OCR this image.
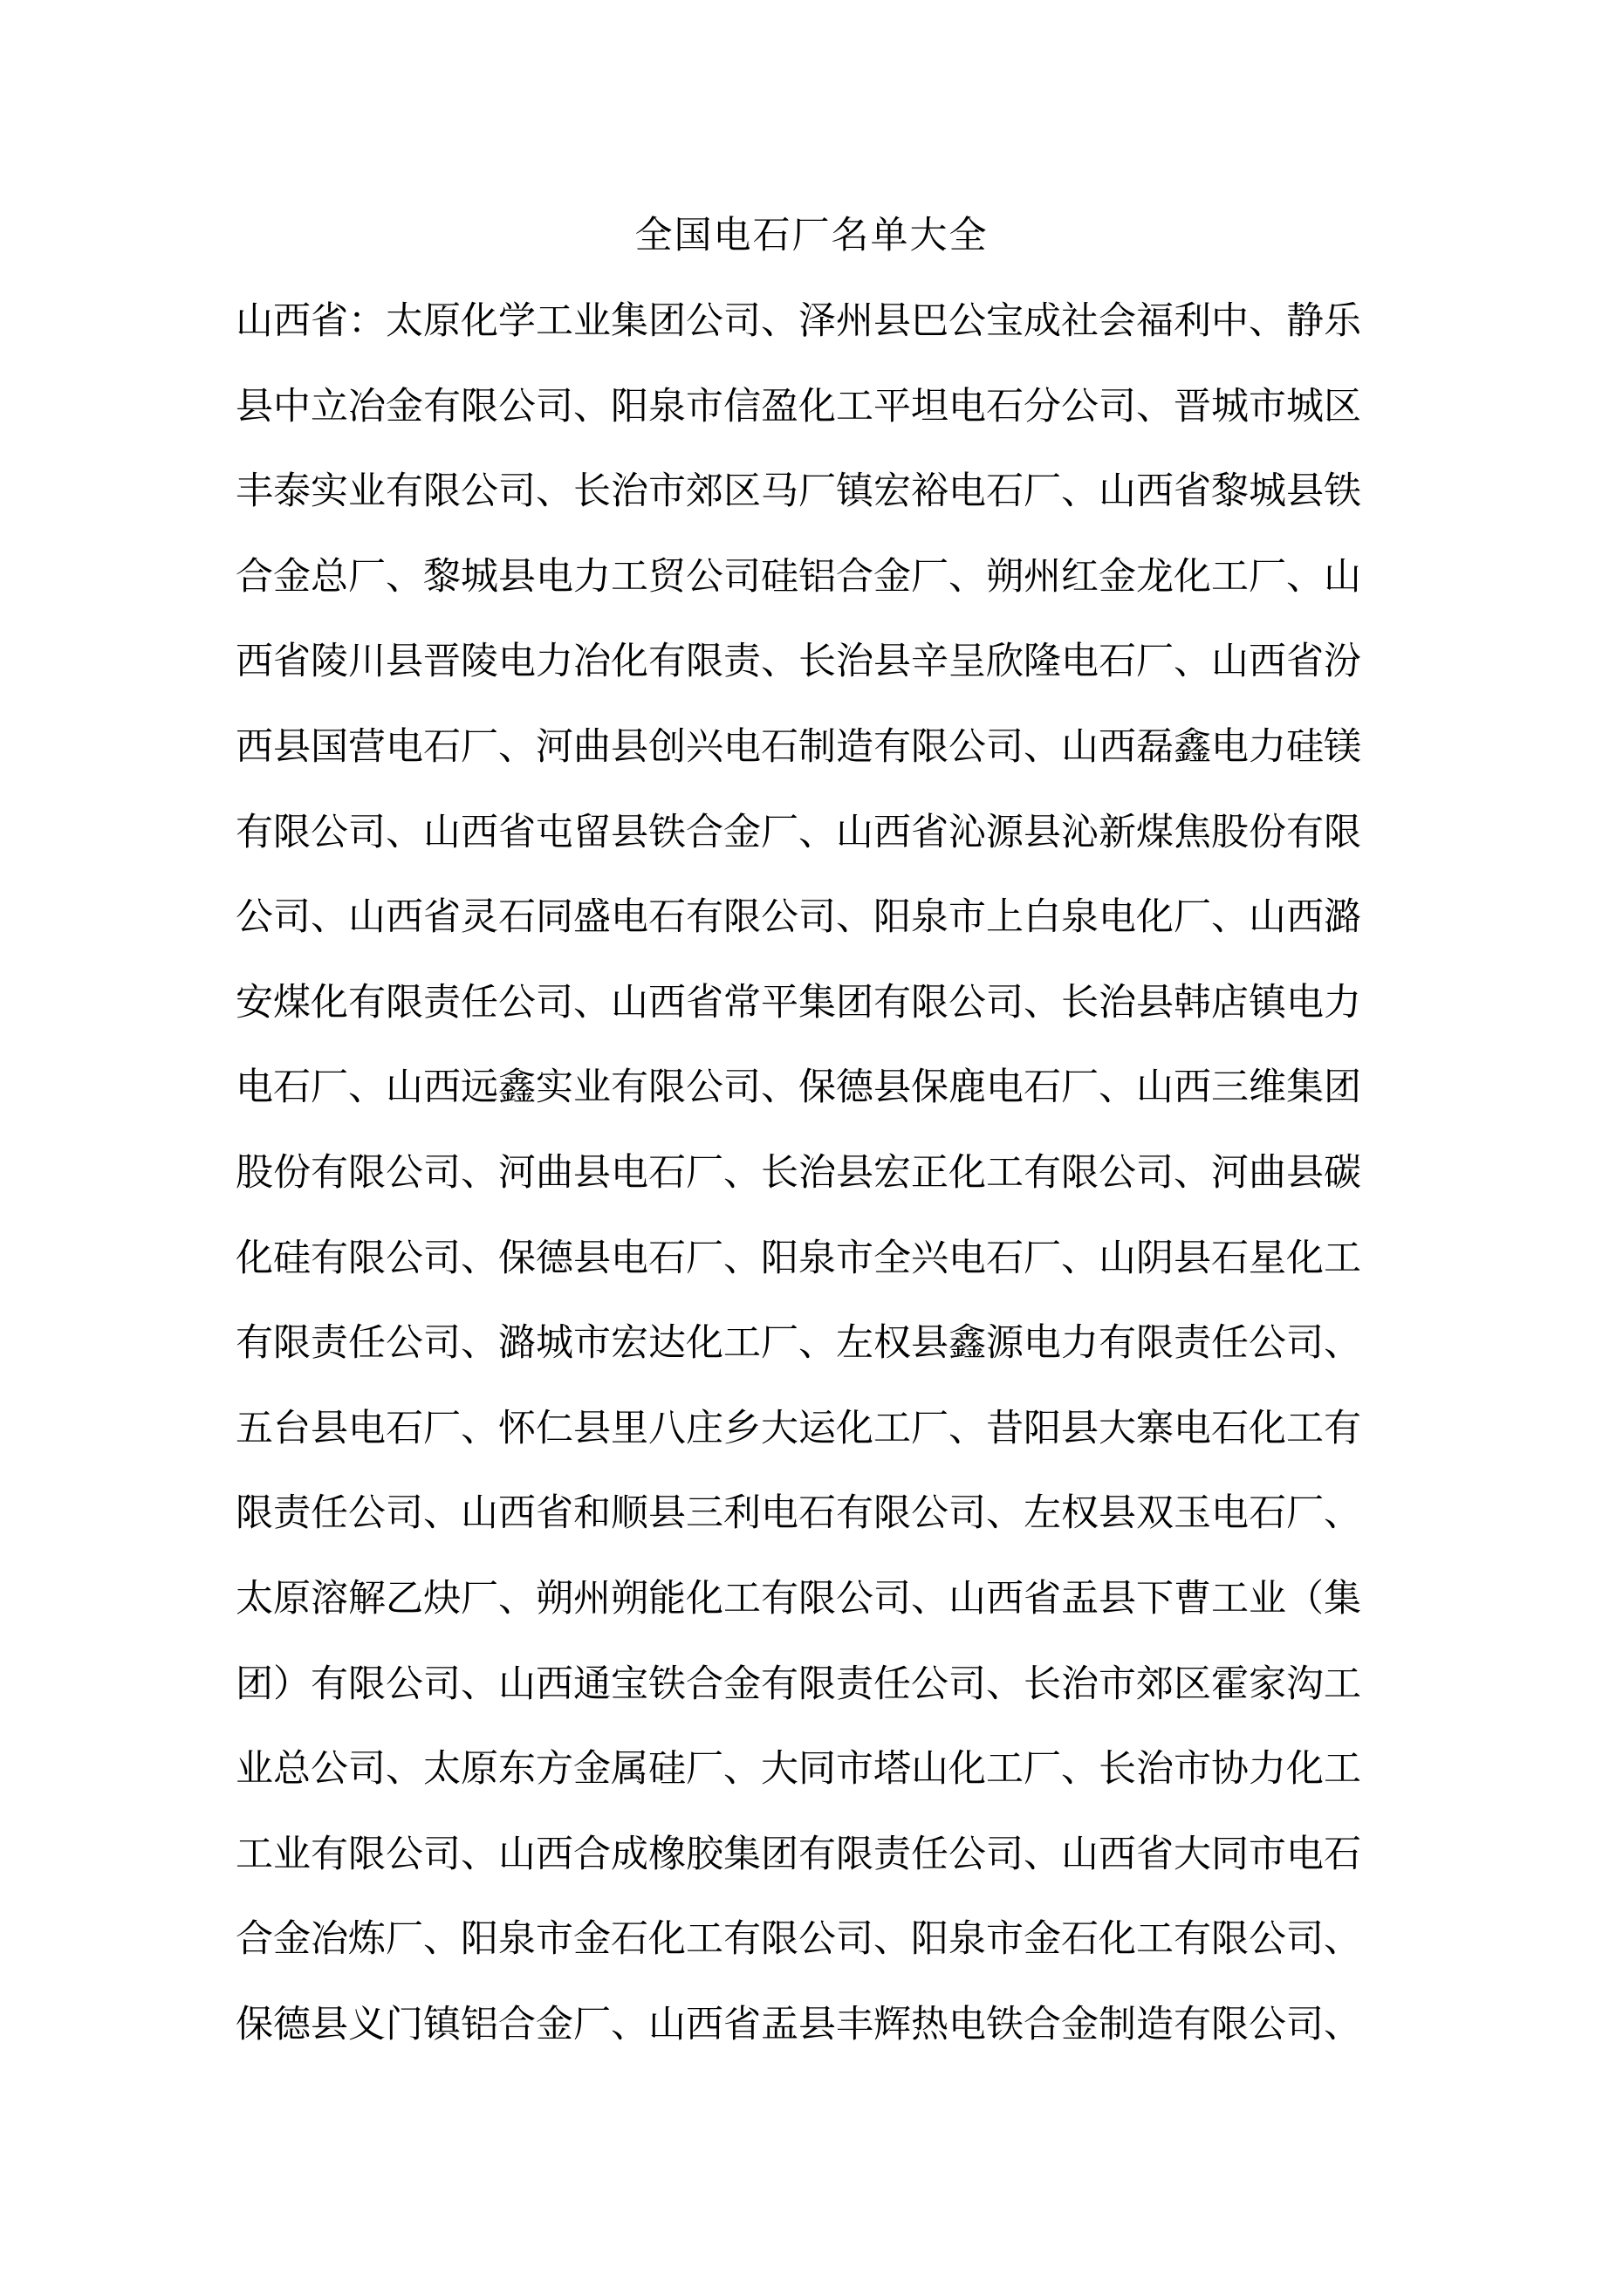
全国电石厂名单大全
山西省：太原化学工业集团公司、泽州县巴公宝成社会福利中、静乐
县中立冶金有限公司、阳泉市信盈化工平坦电石分公司、晋城市城区
丰泰实业有限公司、长治市郊区马厂镇宏裕电石厂、山西省黎城县铁
合金总厂、黎城县电力工贸公司硅铝合金厂、朔州红金龙化工厂、山
西省陵川县晋陵电力冶化有限责、长治县辛呈欣隆电石厂、山西省汾
西县国营电石厂、河曲县创兴电石制造有限公司、山西磊鑫电力硅镁
有限公司、山西省屯留县铁合金厂、山西省沁源县沁新煤焦股份有限
公司、山西省灵石同盛电石有限公司、阳泉市上白泉电化厂、山西潞
安煤化有限责任公司、山西省常平集团有限公司、长治县韩店镇电力
电石厂、山西远鑫实业有限公司、保德县保鹿电石厂、山西三维集团
股份有限公司、河曲县电石厂、长治县宏正化工有限公司、河曲县碳
化硅有限公司、保德县电石厂、阳泉市全兴电石厂、山阴县石星化工
有限责任公司、潞城市宏达化工厂、左权县鑫源电力有限责任公司、
五台县电石厂、怀仁县里八庄乡大运化工厂、昔阳县大寨电石化工有
限责任公司、山西省和顺县三利电石有限公司、左权县双玉电石厂、
太原溶解乙炔厂、朔州朔能化工有限公司、山西省盂县下曹工业（集
团）有限公司、山西通宝铁合金有限责任公司、长治市郊区霍家沟工
业总公司、太原东方金属硅厂、大同市塔山化工厂、长治市协力化工
工业有限公司、山西合成橡胶集团有限责任公司、山西省大同市电石
合金冶炼厂、阳泉市金石化工有限公司、阳泉市金石化工有限公司、
保德县义门镇铝合金厂、山西省盂县丰辉热电铁合金制造有限公司、
